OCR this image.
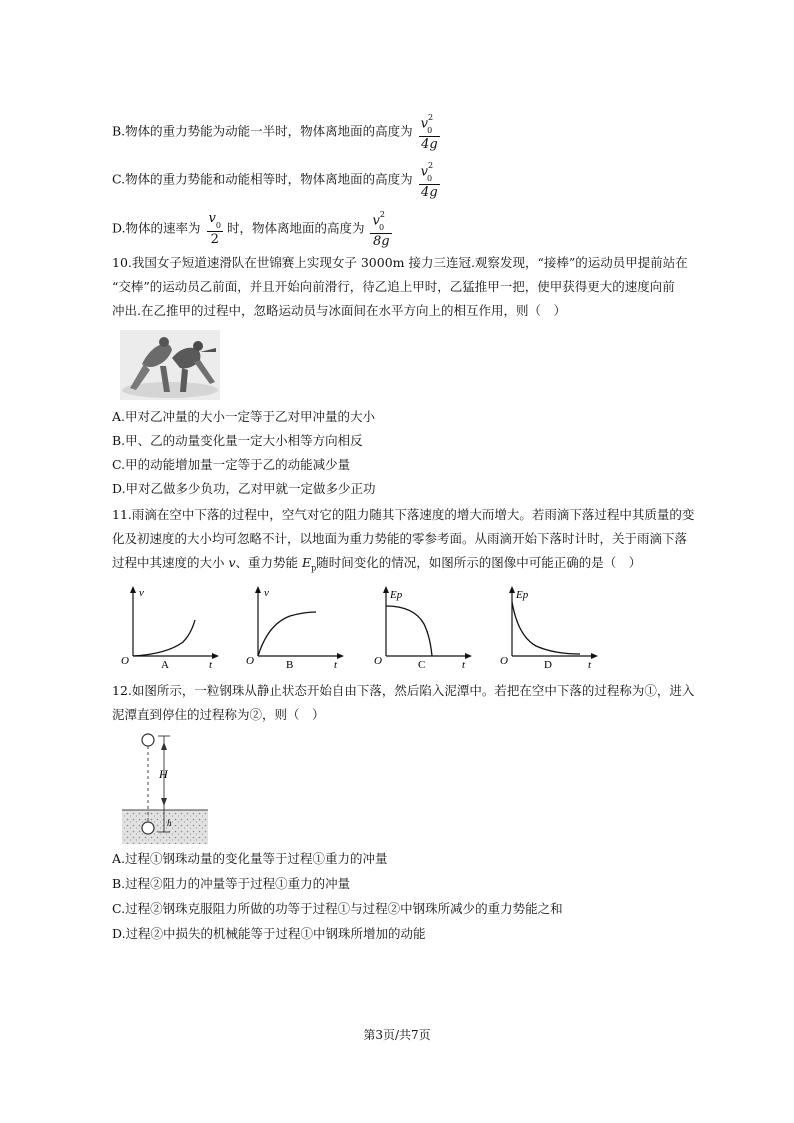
B.物体的重力势能为动能一半时，物体离地面的高度为 $\frac{v^2_0}{4g}$
C.物体的重力势能和动能相等时，物体离地面的高度为 $\frac{v^2_0}{4g}$
D.物体的速率为 $\frac{v_0}{2}$ 时，物体离地面的高度为 $\frac{v^2_0}{8g}$
10.我国女子短道速滑队在世锦赛上实现女子 3000m 接力三连冠.观察发现，“接棒”的运动员甲提前站在
“交棒”的运动员乙前面，并且开始向前滑行，待乙追上甲时，乙猛推甲一把，使甲获得更大的速度向前
冲出.在乙推甲的过程中，忽略运动员与冰面间在水平方向上的相互作用，则（　）
A.甲对乙冲量的大小一定等于乙对甲冲量的大小
B.甲、乙的动量变化量一定大小相等方向相反
C.甲的动能增加量一定等于乙的动能减少量
D.甲对乙做多少负功，乙对甲就一定做多少正功
11.雨滴在空中下落的过程中，空气对它的阻力随其下落速度的增大而增大。若雨滴下落过程中其质量的变
化及初速度的大小均可忽略不计，以地面为重力势能的零参考面。从雨滴开始下落时计时，关于雨滴下落
过程中其速度的大小 v、重力势能 $E_p$随时间变化的情况，如图所示的图像中可能正确的是（　）
v
O	A	t
v
O	B	t
Ep
O	C	t
Ep
O	D	t
12.如图所示，一粒钢珠从静止状态开始自由下落，然后陷入泥潭中。若把在空中下落的过程称为①，进入
泥潭直到停住的过程称为②，则（　）
H
h
A.过程①钢珠动量的变化量等于过程①重力的冲量
B.过程②阻力的冲量等于过程①重力的冲量
C.过程②钢珠克服阻力所做的功等于过程①与过程②中钢珠所减少的重力势能之和
D.过程②中损失的机械能等于过程①中钢珠所增加的动能
第3页/共7页
